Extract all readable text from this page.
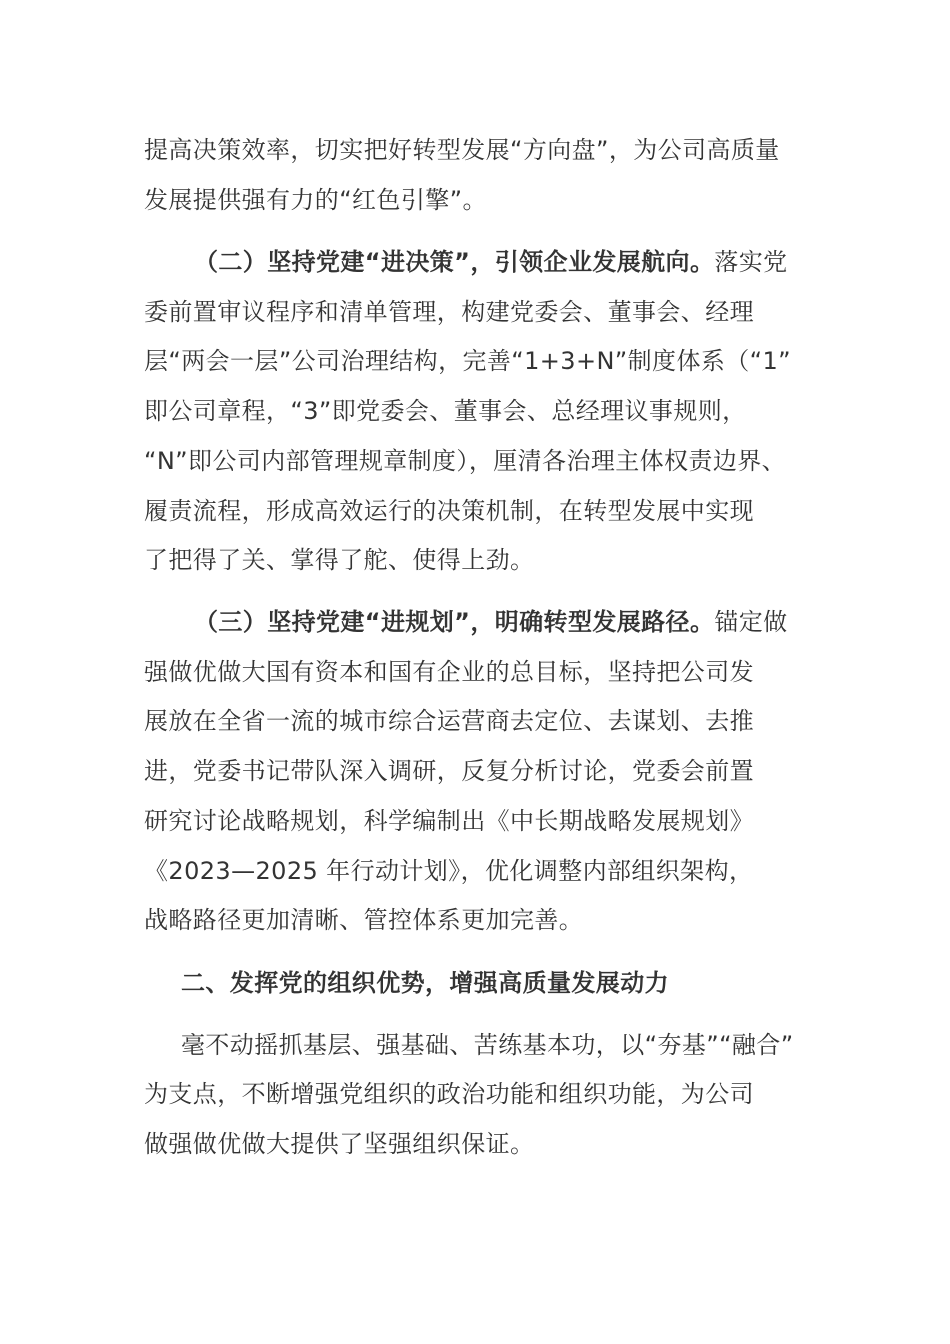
提高决策效率，切实把好转型发展“方向盘”，为公司高质量
发展提供强有力的“红色引擎”。
（二）坚持党建“进决策”，引领企业发展航向。落实党
委前置审议程序和清单管理，构建党委会、董事会、经理
层“两会一层”公司治理结构，完善“1+3+N”制度体系（“1”
即公司章程，“3”即党委会、董事会、总经理议事规则，
“N”即公司内部管理规章制度），厘清各治理主体权责边界、
履责流程，形成高效运行的决策机制，在转型发展中实现
了把得了关、掌得了舵、使得上劲。
（三）坚持党建“进规划”，明确转型发展路径。锚定做
强做优做大国有资本和国有企业的总目标，坚持把公司发
展放在全省一流的城市综合运营商去定位、去谋划、去推
进，党委书记带队深入调研，反复分析讨论，党委会前置
研究讨论战略规划，科学编制出《中长期战略发展规划》
《2023—2025 年行动计划》，优化调整内部组织架构，
战略路径更加清晰、管控体系更加完善。
二、发挥党的组织优势，增强高质量发展动力
毫不动摇抓基层、强基础、苦练基本功，以“夯基”“融合”
为支点，不断增强党组织的政治功能和组织功能，为公司
做强做优做大提供了坚强组织保证。
